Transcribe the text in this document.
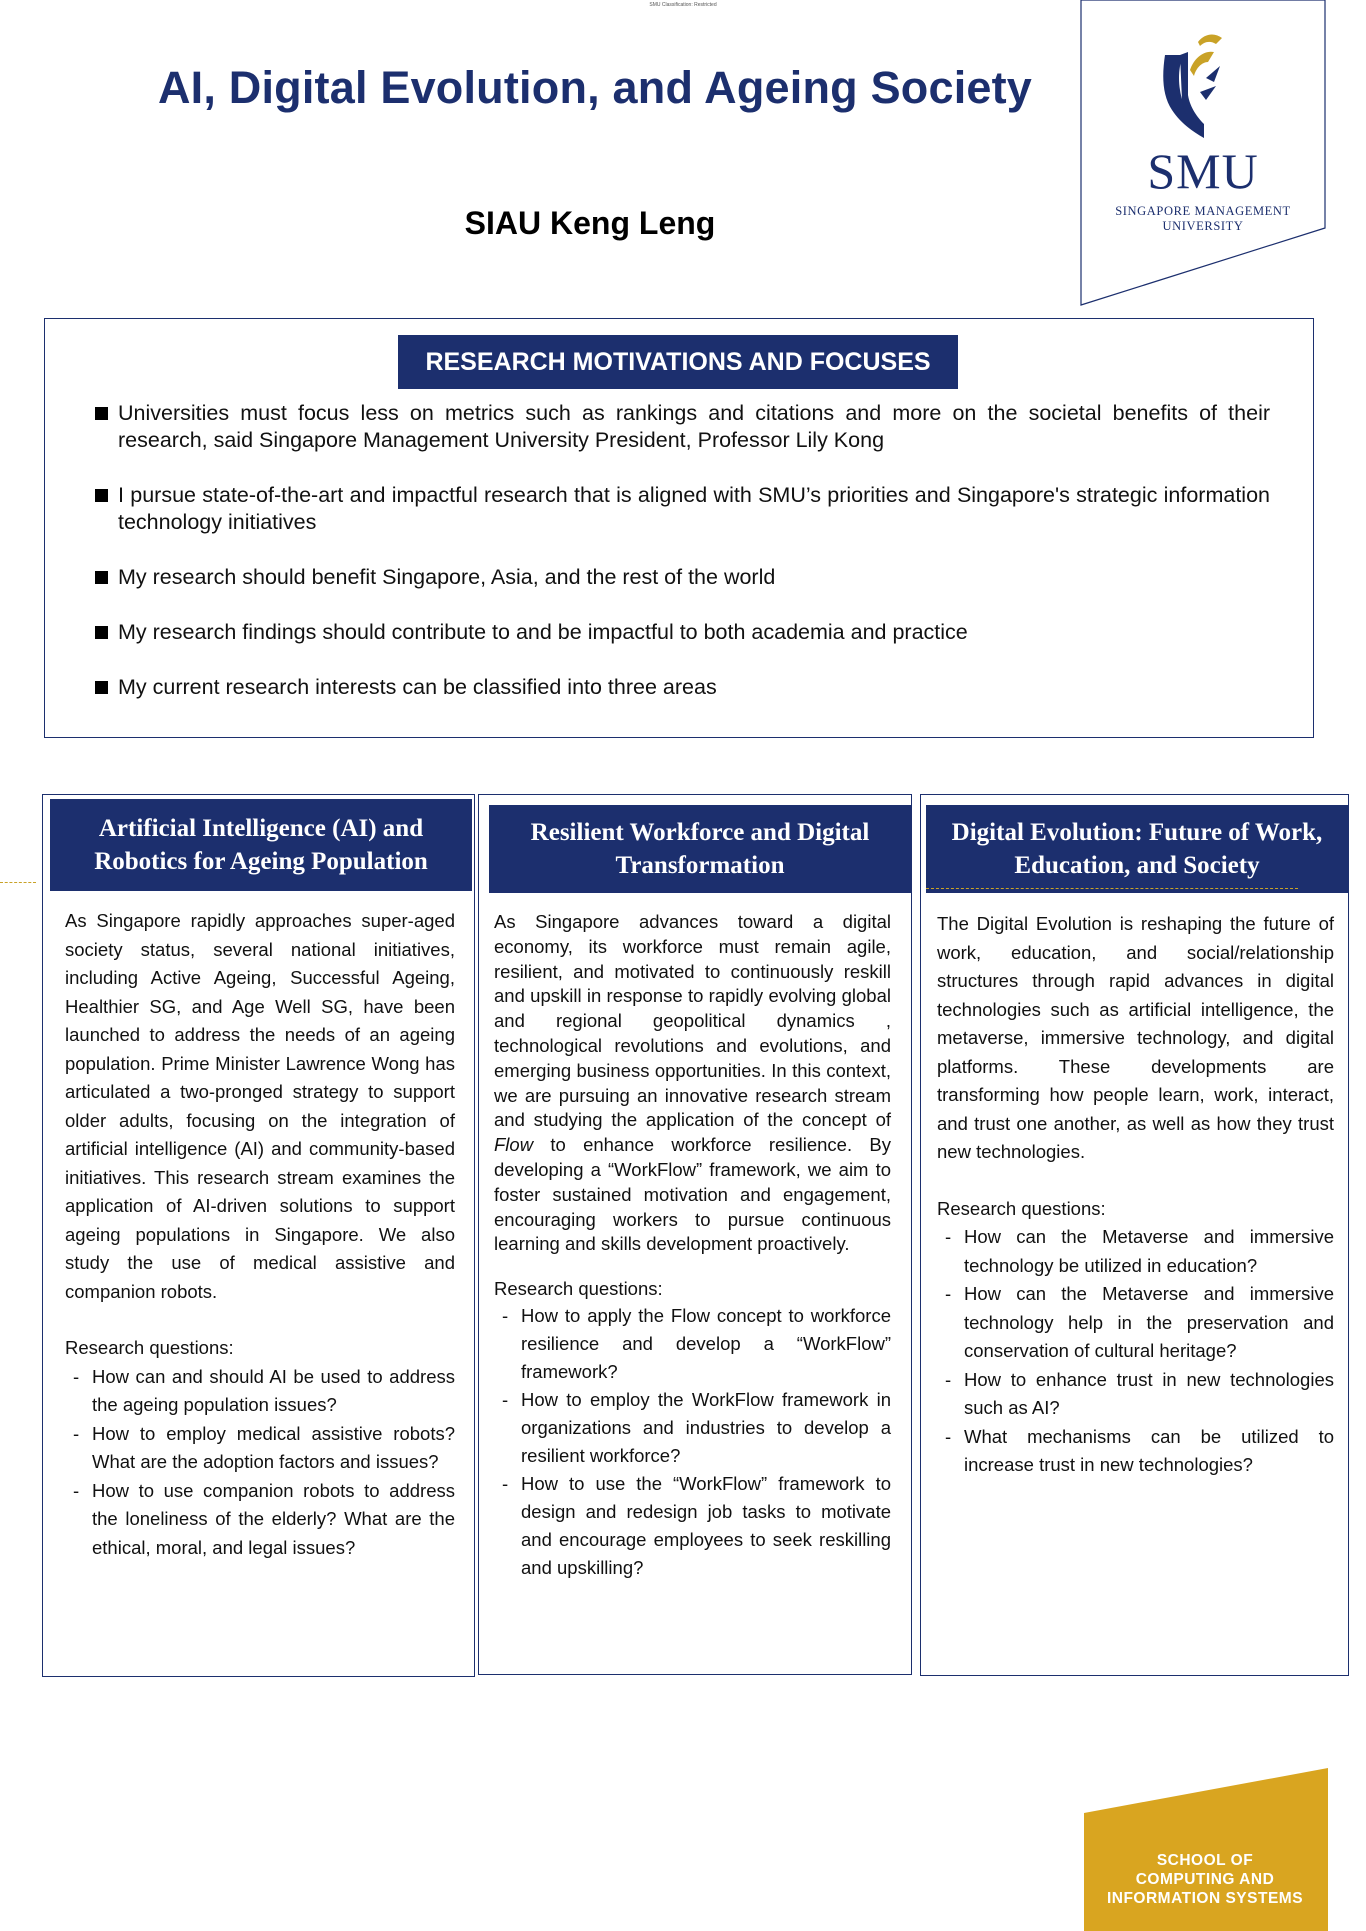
SMU Classification: Restricted
AI, Digital Evolution, and Ageing Society
SIAU Keng Leng
SMU
SINGAPORE MANAGEMENT
UNIVERSITY
RESEARCH MOTIVATIONS AND FOCUSES
Universities must focus less on metrics such as rankings and citations and more on the societal benefits of their research, said Singapore Management University President, Professor Lily Kong
I pursue state-of-the-art and impactful research that is aligned with SMU’s priorities and Singapore's strategic information technology initiatives
My research should benefit Singapore, Asia, and the rest of the world
My research findings should contribute to and be impactful to both academia and practice
My current research interests can be classified into three areas
Artificial Intelligence (AI) and
Robotics for Ageing Population

As Singapore rapidly approaches super-aged society status, several national initiatives, including Active Ageing, Successful Ageing, Healthier SG, and Age Well SG, have been launched to address the needs of an ageing population. Prime Minister Lawrence Wong has articulated a two-pronged strategy to support older adults, focusing on the integration of artificial intelligence (AI) and community-based initiatives. This research stream examines the application of AI-driven solutions to support ageing populations in Singapore. We also study the use of medical assistive and companion robots.

Research questions:

- How can and should AI be used to address the ageing population issues?
- How to employ medical assistive robots? What are the adoption factors and issues?
- How to use companion robots to address the loneliness of the elderly? What are the ethical, moral, and legal issues?
Resilient Workforce and Digital
Transformation

As Singapore advances toward a digital economy, its workforce must remain agile, resilient, and motivated to continuously reskill and upskill in response to rapidly evolving global and regional geopolitical dynamics , technological revolutions and evolutions, and emerging business opportunities. In this context, we are pursuing an innovative research stream and studying the application of the concept of Flow to enhance workforce resilience. By developing a “WorkFlow” framework, we aim to foster sustained motivation and engagement, encouraging workers to pursue continuous learning and skills development proactively.

Research questions:

- How to apply the Flow concept to workforce resilience and develop a “WorkFlow” framework?
- How to employ the WorkFlow framework in organizations and industries to develop a resilient workforce?
- How to use the “WorkFlow” framework to design and redesign job tasks to motivate and encourage employees to seek reskilling and upskilling?
Digital Evolution: Future of Work,
Education, and Society

The Digital Evolution is reshaping the future of work, education, and social/relationship structures through rapid advances in digital technologies such as artificial intelligence, the metaverse, immersive technology, and digital platforms. These developments are transforming how people learn, work, interact, and trust one another, as well as how they trust new technologies.

Research questions:

- How can the Metaverse and immersive technology be utilized in education?
- How can the Metaverse and immersive technology help in the preservation and conservation of cultural heritage?
- How to enhance trust in new technologies such as AI?
- What mechanisms can be utilized to increase trust in new technologies?
SCHOOL OF
COMPUTING AND
INFORMATION SYSTEMS
